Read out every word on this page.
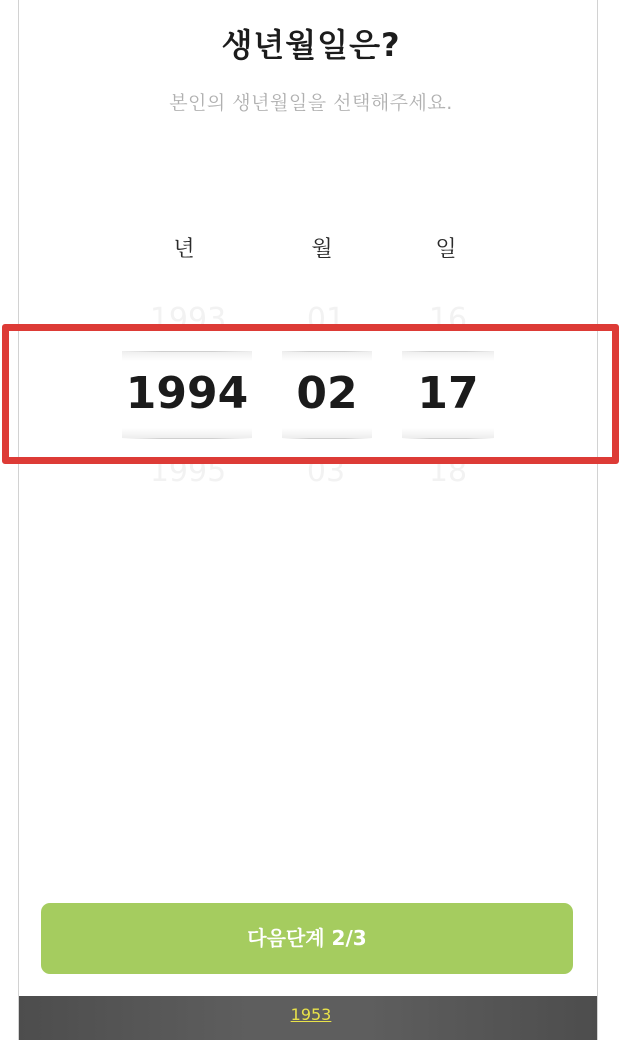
생년월일은?
본인의 생년월일을 선택해주세요.
년	월	일
1993	01	16
1994	02	17
1995	03	18
다음단계 2/3
1953
